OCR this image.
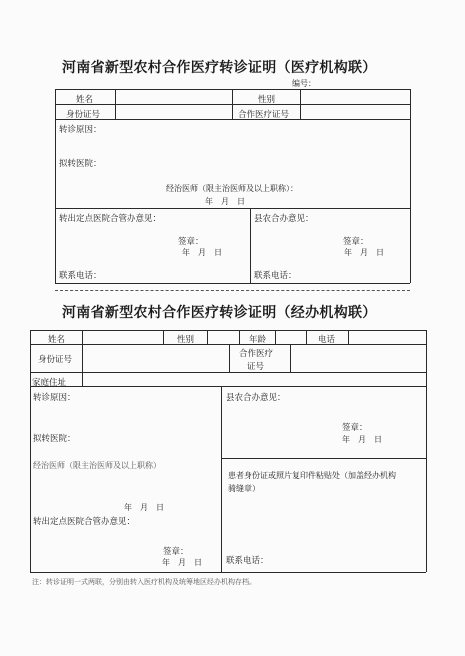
河南省新型农村合作医疗转诊证明（医疗机构联）
编号：
姓名	性别
身份证号	合作医疗证号
转诊原因：
拟转医院：
经治医师（限主治医师及以上职称）：
年　月　日
转出定点医院合管办意见：
签章：
年　月　日
联系电话：
县农合办意见：
签章：
年　月　日
联系电话：
河南省新型农村合作医疗转诊证明（经办机构联）
姓名	性别	年龄	电话
身份证号
合作医疗
证号
家庭住址
转诊原因：
拟转医院：
经治医师（限主治医师及以上职称）
年　月　日
转出定点医院合管办意见：
签章：
年　月　日
县农合办意见：
签章：
年　月　日
患者身份证或照片复印件粘贴处（加盖经办机构骑缝章）
联系电话：
注：转诊证明一式两联，分别由转入医疗机构及统筹地区经办机构存档。
